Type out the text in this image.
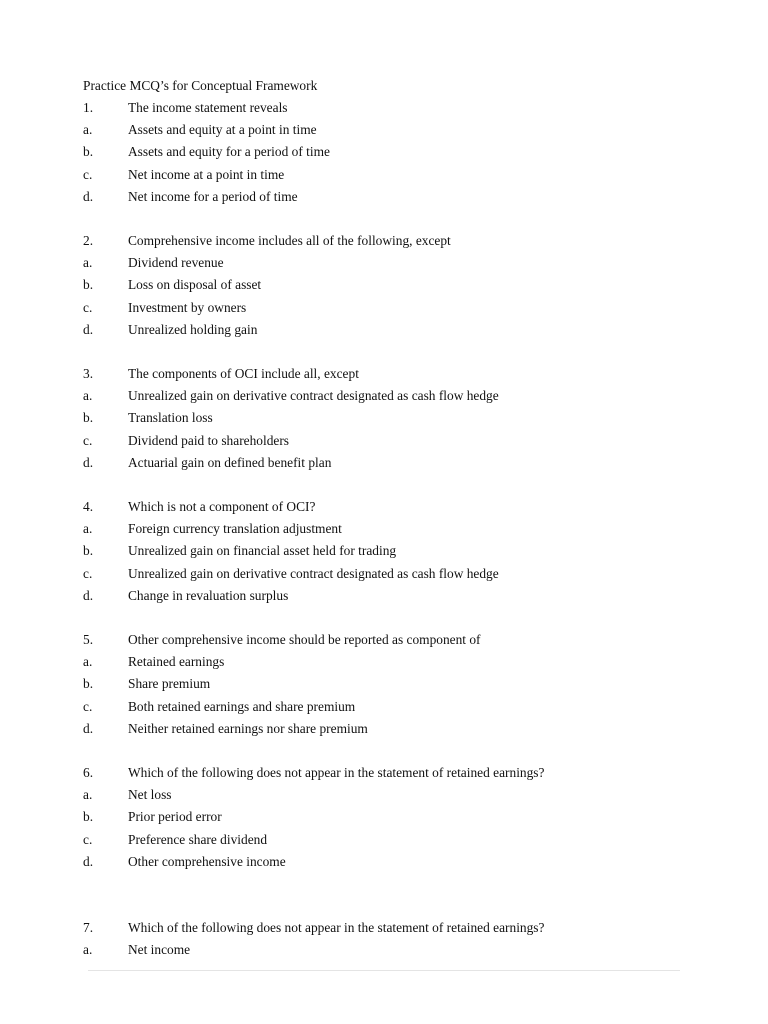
Practice MCQ’s for Conceptual Framework
1.	The income statement reveals
a.	Assets and equity at a point in time
b.	Assets and equity for a period of time
c.	Net income at a point in time
d.	Net income for a period of time
2.	Comprehensive income includes all of the following, except
a.	Dividend revenue
b.	Loss on disposal of asset
c.	Investment by owners
d.	Unrealized holding gain
3.	The components of OCI include all, except
a.	Unrealized gain on derivative contract designated as cash flow hedge
b.	Translation loss
c.	Dividend paid to shareholders
d.	Actuarial gain on defined benefit plan
4.	Which is not a component of OCI?
a.	Foreign currency translation adjustment
b.	Unrealized gain on financial asset held for trading
c.	Unrealized gain on derivative contract designated as cash flow hedge
d.	Change in revaluation surplus
5.	Other comprehensive income should be reported as component of
a.	Retained earnings
b.	Share premium
c.	Both retained earnings and share premium
d.	Neither retained earnings nor share premium
6.	Which of the following does not appear in the statement of retained earnings?
a.	Net loss
b.	Prior period error
c.	Preference share dividend
d.	Other comprehensive income
7.	Which of the following does not appear in the statement of retained earnings?
a.	Net income
